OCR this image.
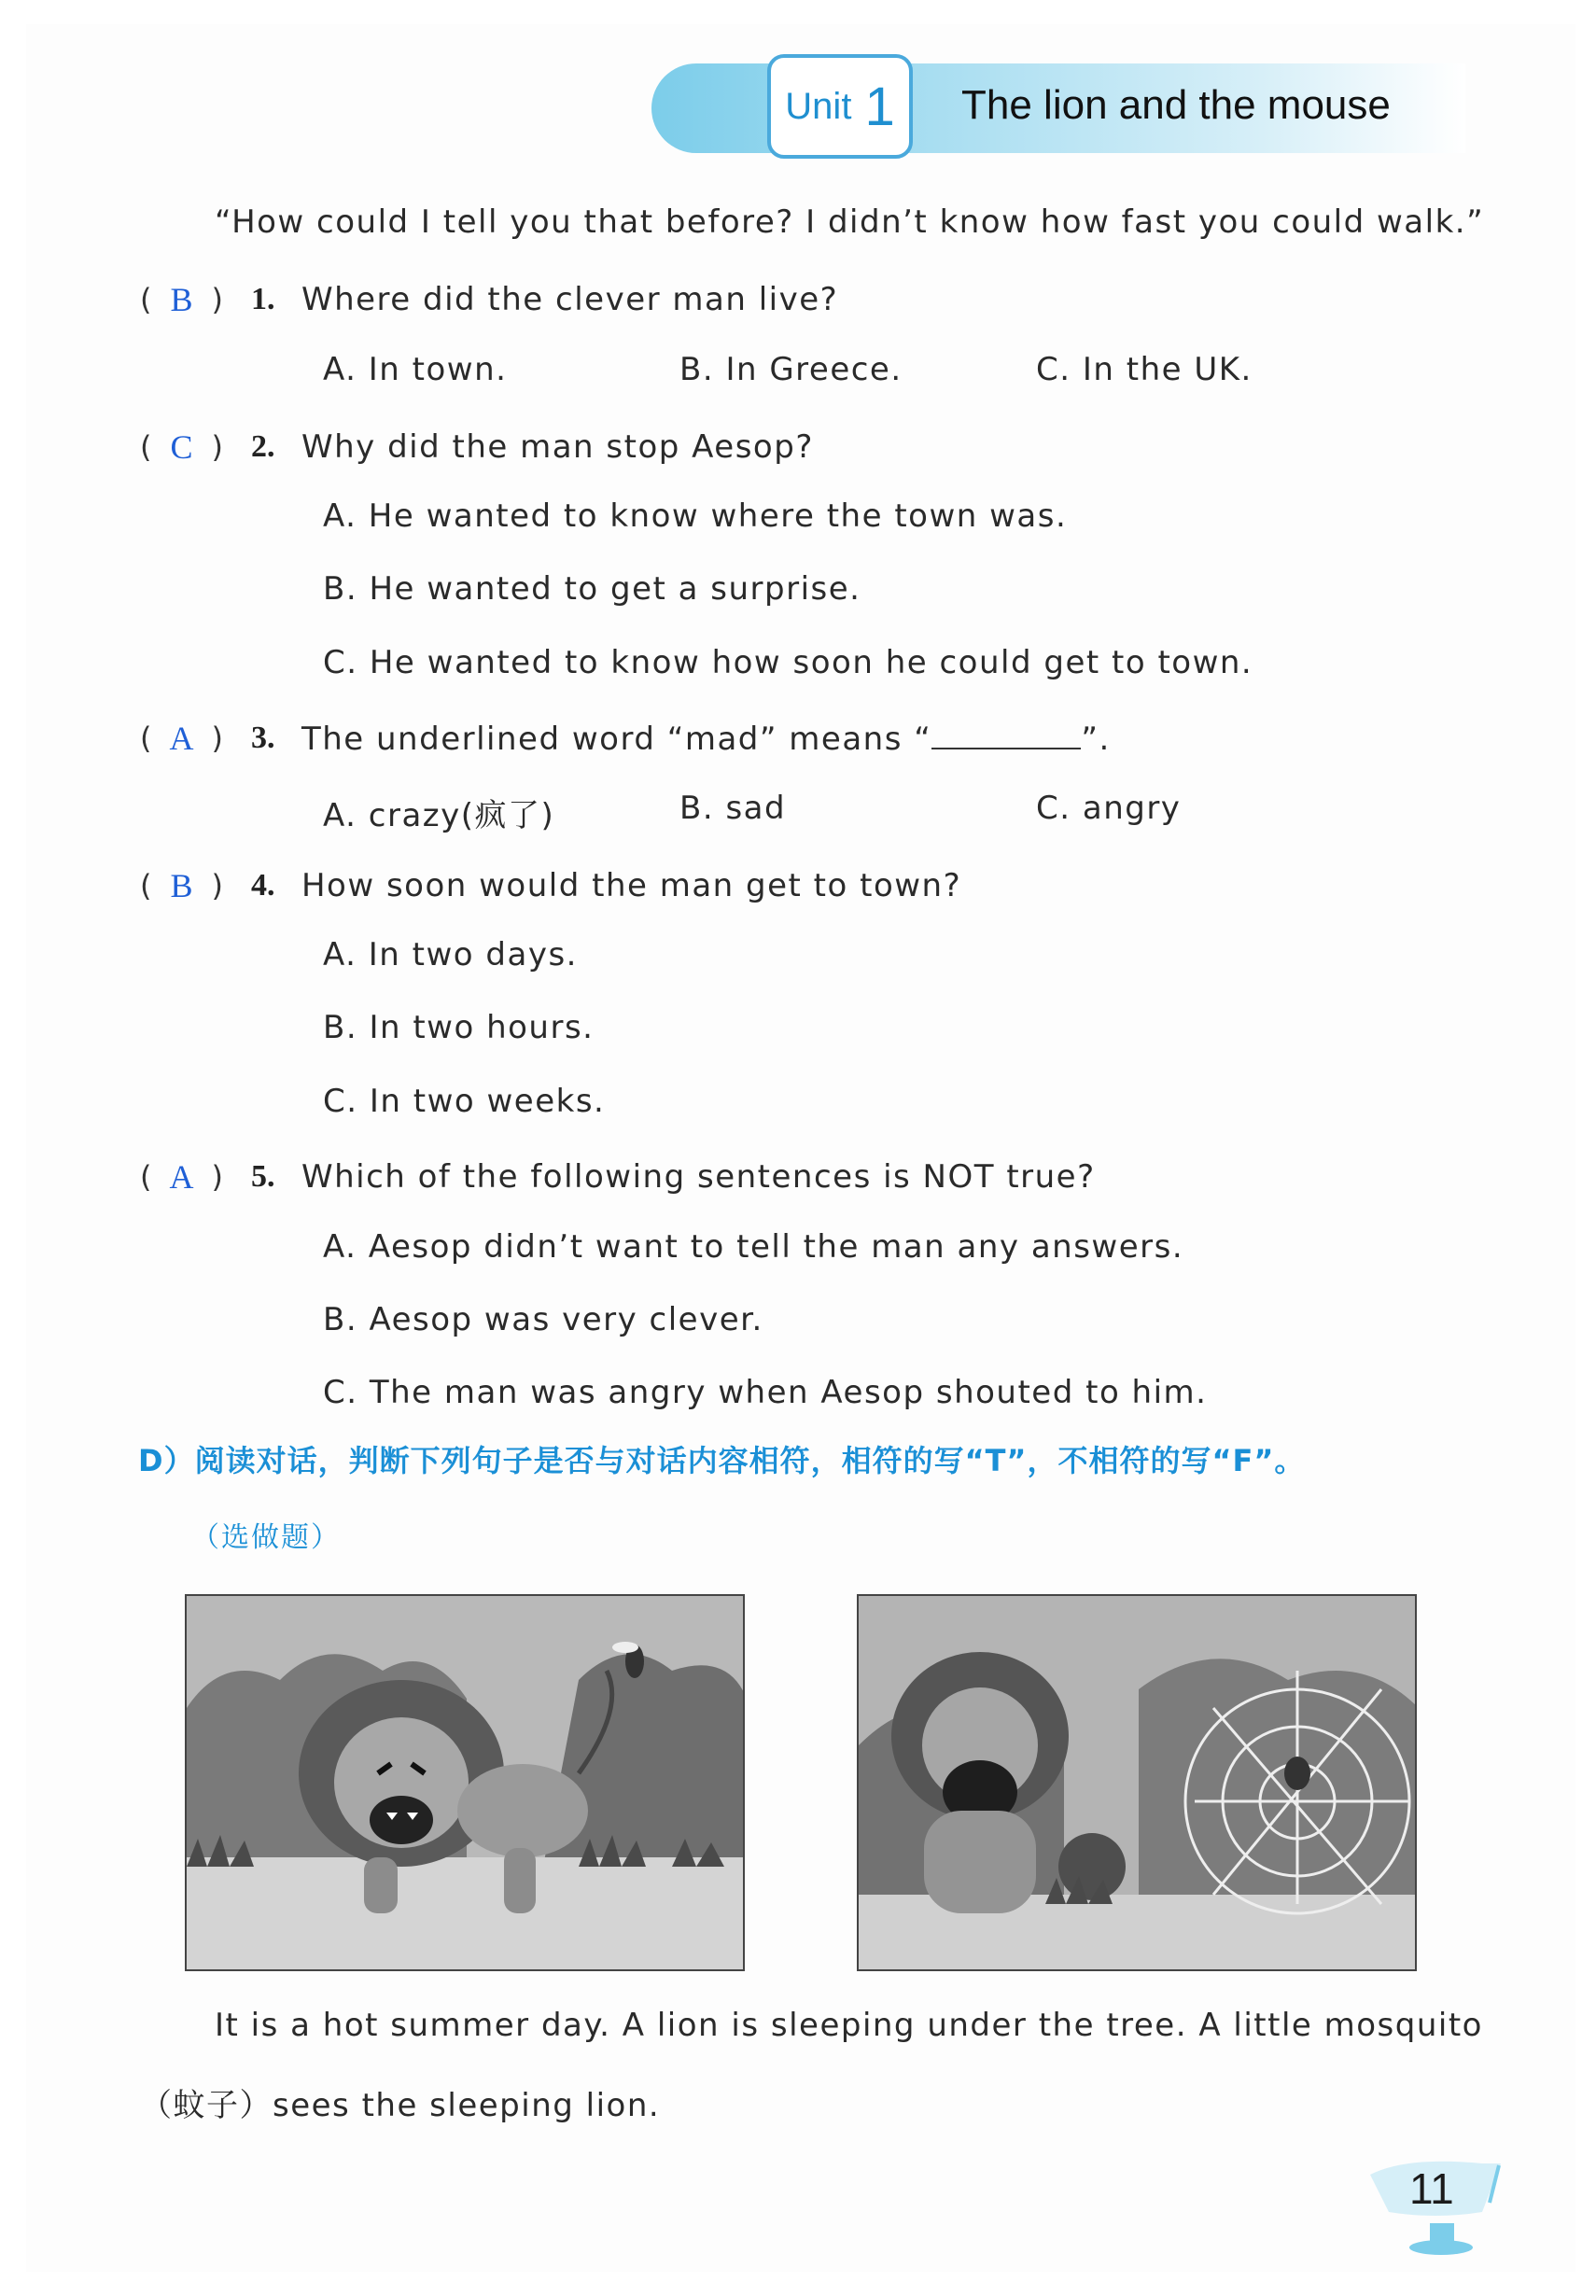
Unit 1 The lion and the mouse
“How could I tell you that before? I didn’t know how fast you could walk.”
( B ) 1. Where did the clever man live?
A. In town.	B. In Greece.	C. In the UK.
( C ) 2. Why did the man stop Aesop?
A. He wanted to know where the town was.
B. He wanted to get a surprise.
C. He wanted to know how soon he could get to town.
( A ) 3. The underlined word “mad” means “	”.
A. crazy(疯了)	B. sad	C. angry
( B ) 4. How soon would the man get to town?
A. In two days.
B. In two hours.
C. In two weeks.
( A ) 5. Which of the following sentences is NOT true?
A. Aesop didn’t want to tell the man any answers.
B. Aesop was very clever.
C. The man was angry when Aesop shouted to him.
D）阅读对话，判断下列句子是否与对话内容相符，相符的写“T”，不相符的写“F”。
（选做题）
It is a hot summer day. A lion is sleeping under the tree. A little mosquito
（蚊子）sees the sleeping lion.
11
